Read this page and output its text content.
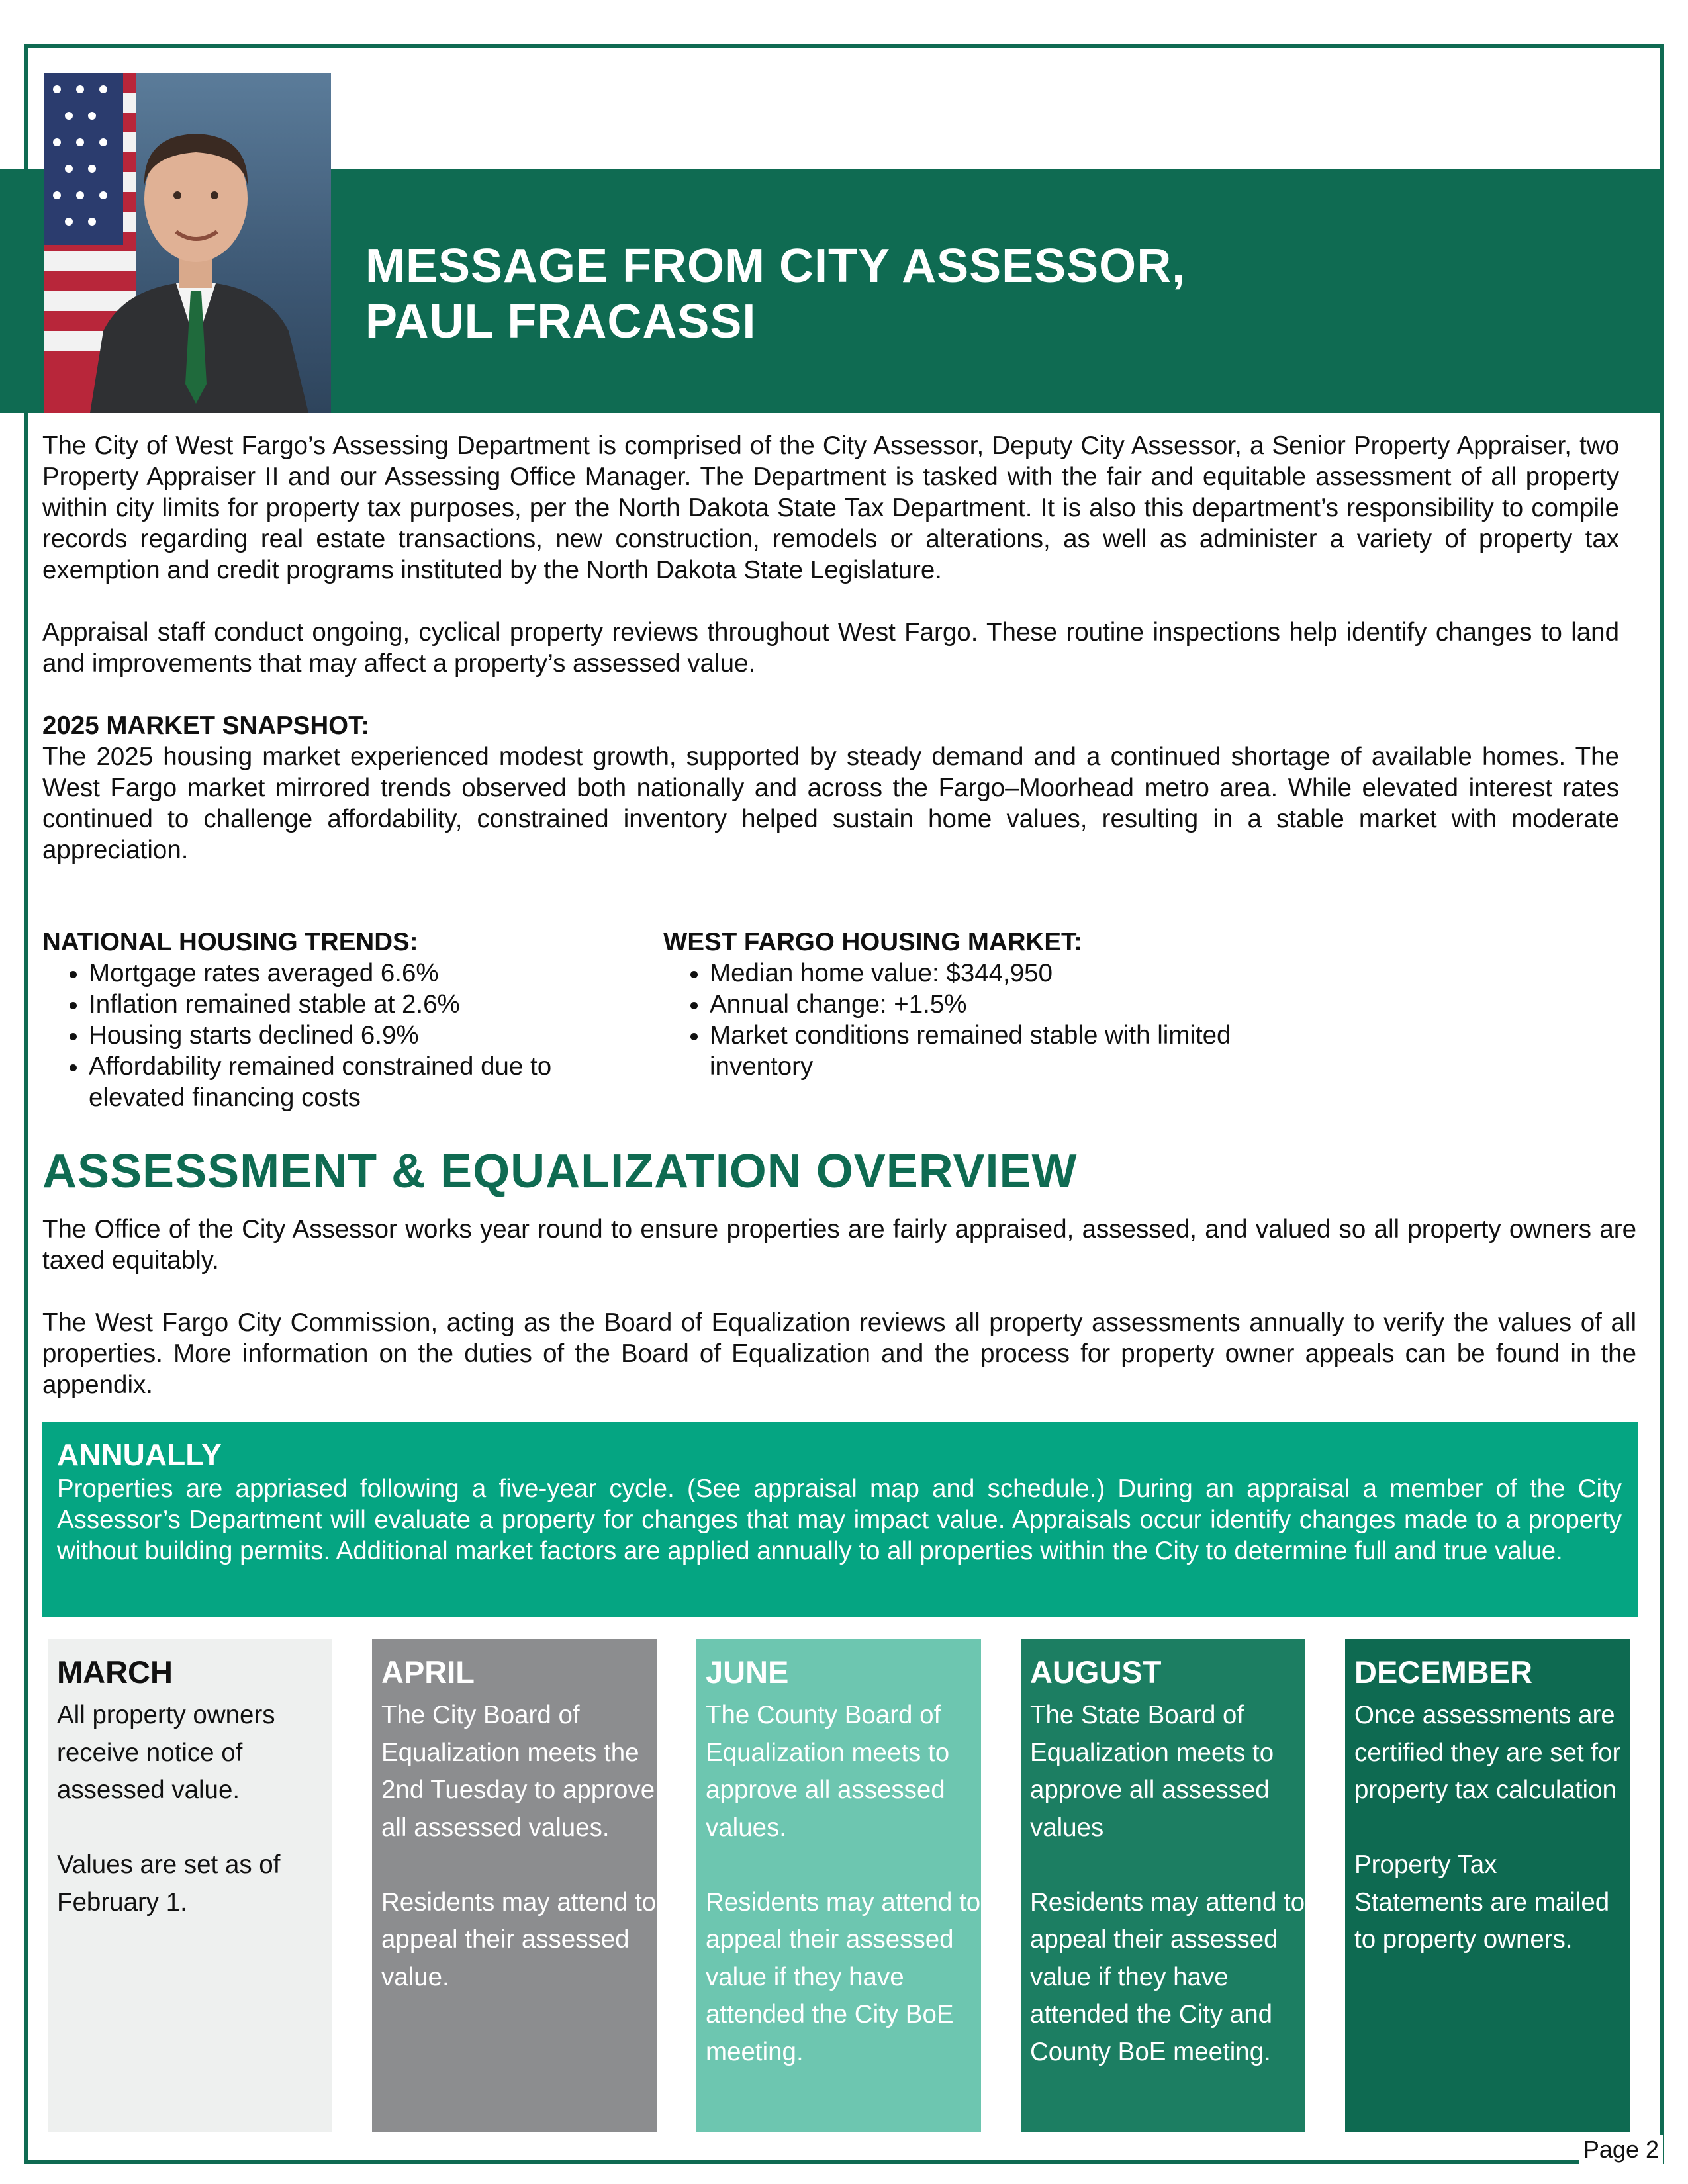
MESSAGE FROM CITY ASSESSOR,
PAUL FRACASSI

The City of West Fargo’s Assessing Department is comprised of the City Assessor, Deputy City Assessor, a Senior Property Appraiser, two Property Appraiser II and our Assessing Office Manager. The Department is tasked with the fair and equitable assessment of all property within city limits for property tax purposes, per the North Dakota State Tax Department. It is also this department’s responsibility to compile records regarding real estate transactions, new construction, remodels or alterations, as well as administer a variety of property tax exemption and credit programs instituted by the North Dakota State Legislature.

Appraisal staff conduct ongoing, cyclical property reviews throughout West Fargo. These routine inspections help identify changes to land and improvements that may affect a property’s assessed value.

2025 MARKET SNAPSHOT:

The 2025 housing market experienced modest growth, supported by steady demand and a continued shortage of available homes. The West Fargo market mirrored trends observed both nationally and across the Fargo–Moorhead metro area. While elevated interest rates continued to challenge affordability, constrained inventory helped sustain home values, resulting in a stable market with moderate appreciation.

NATIONAL HOUSING TRENDS:
• Mortgage rates averaged 6.6%
• Inflation remained stable at 2.6%
• Housing starts declined 6.9%
• Affordability remained constrained due to elevated financing costs
WEST FARGO HOUSING MARKET:
• Median home value: $344,950
• Annual change: +1.5%
• Market conditions remained stable with limited inventory
ASSESSMENT & EQUALIZATION OVERVIEW

The Office of the City Assessor works year round to ensure properties are fairly appraised, assessed, and valued so all property owners are taxed equitably.

The West Fargo City Commission, acting as the Board of Equalization reviews all property assessments annually to verify the values of all properties. More information on the duties of the Board of Equalization and the process for property owner appeals can be found in the appendix.

ANNUALLY
Properties are appriased following a five-year cycle. (See appraisal map and schedule.) During an appraisal a member of the City Assessor’s Department will evaluate a property for changes that may impact value. Appraisals occur identify changes made to a property without building permits. Additional market factors are applied annually to all properties within the City to determine full and true value.
MARCH
All property owners receive notice of assessed value.

Values are set as of February 1.
APRIL
The City Board of Equalization meets the 2nd Tuesday to approve all assessed values.

Residents may attend to appeal their assessed value.
JUNE
The County Board of Equalization meets to approve all assessed values.

Residents may attend to appeal their assessed value if they have attended the City BoE meeting.
AUGUST
The State Board of Equalization meets to approve all assessed values

Residents may attend to appeal their assessed value if they have attended the City and County BoE meeting.
DECEMBER
Once assessments are certified they are set for property tax calculation

Property Tax Statements are mailed to property owners.
Page 2
